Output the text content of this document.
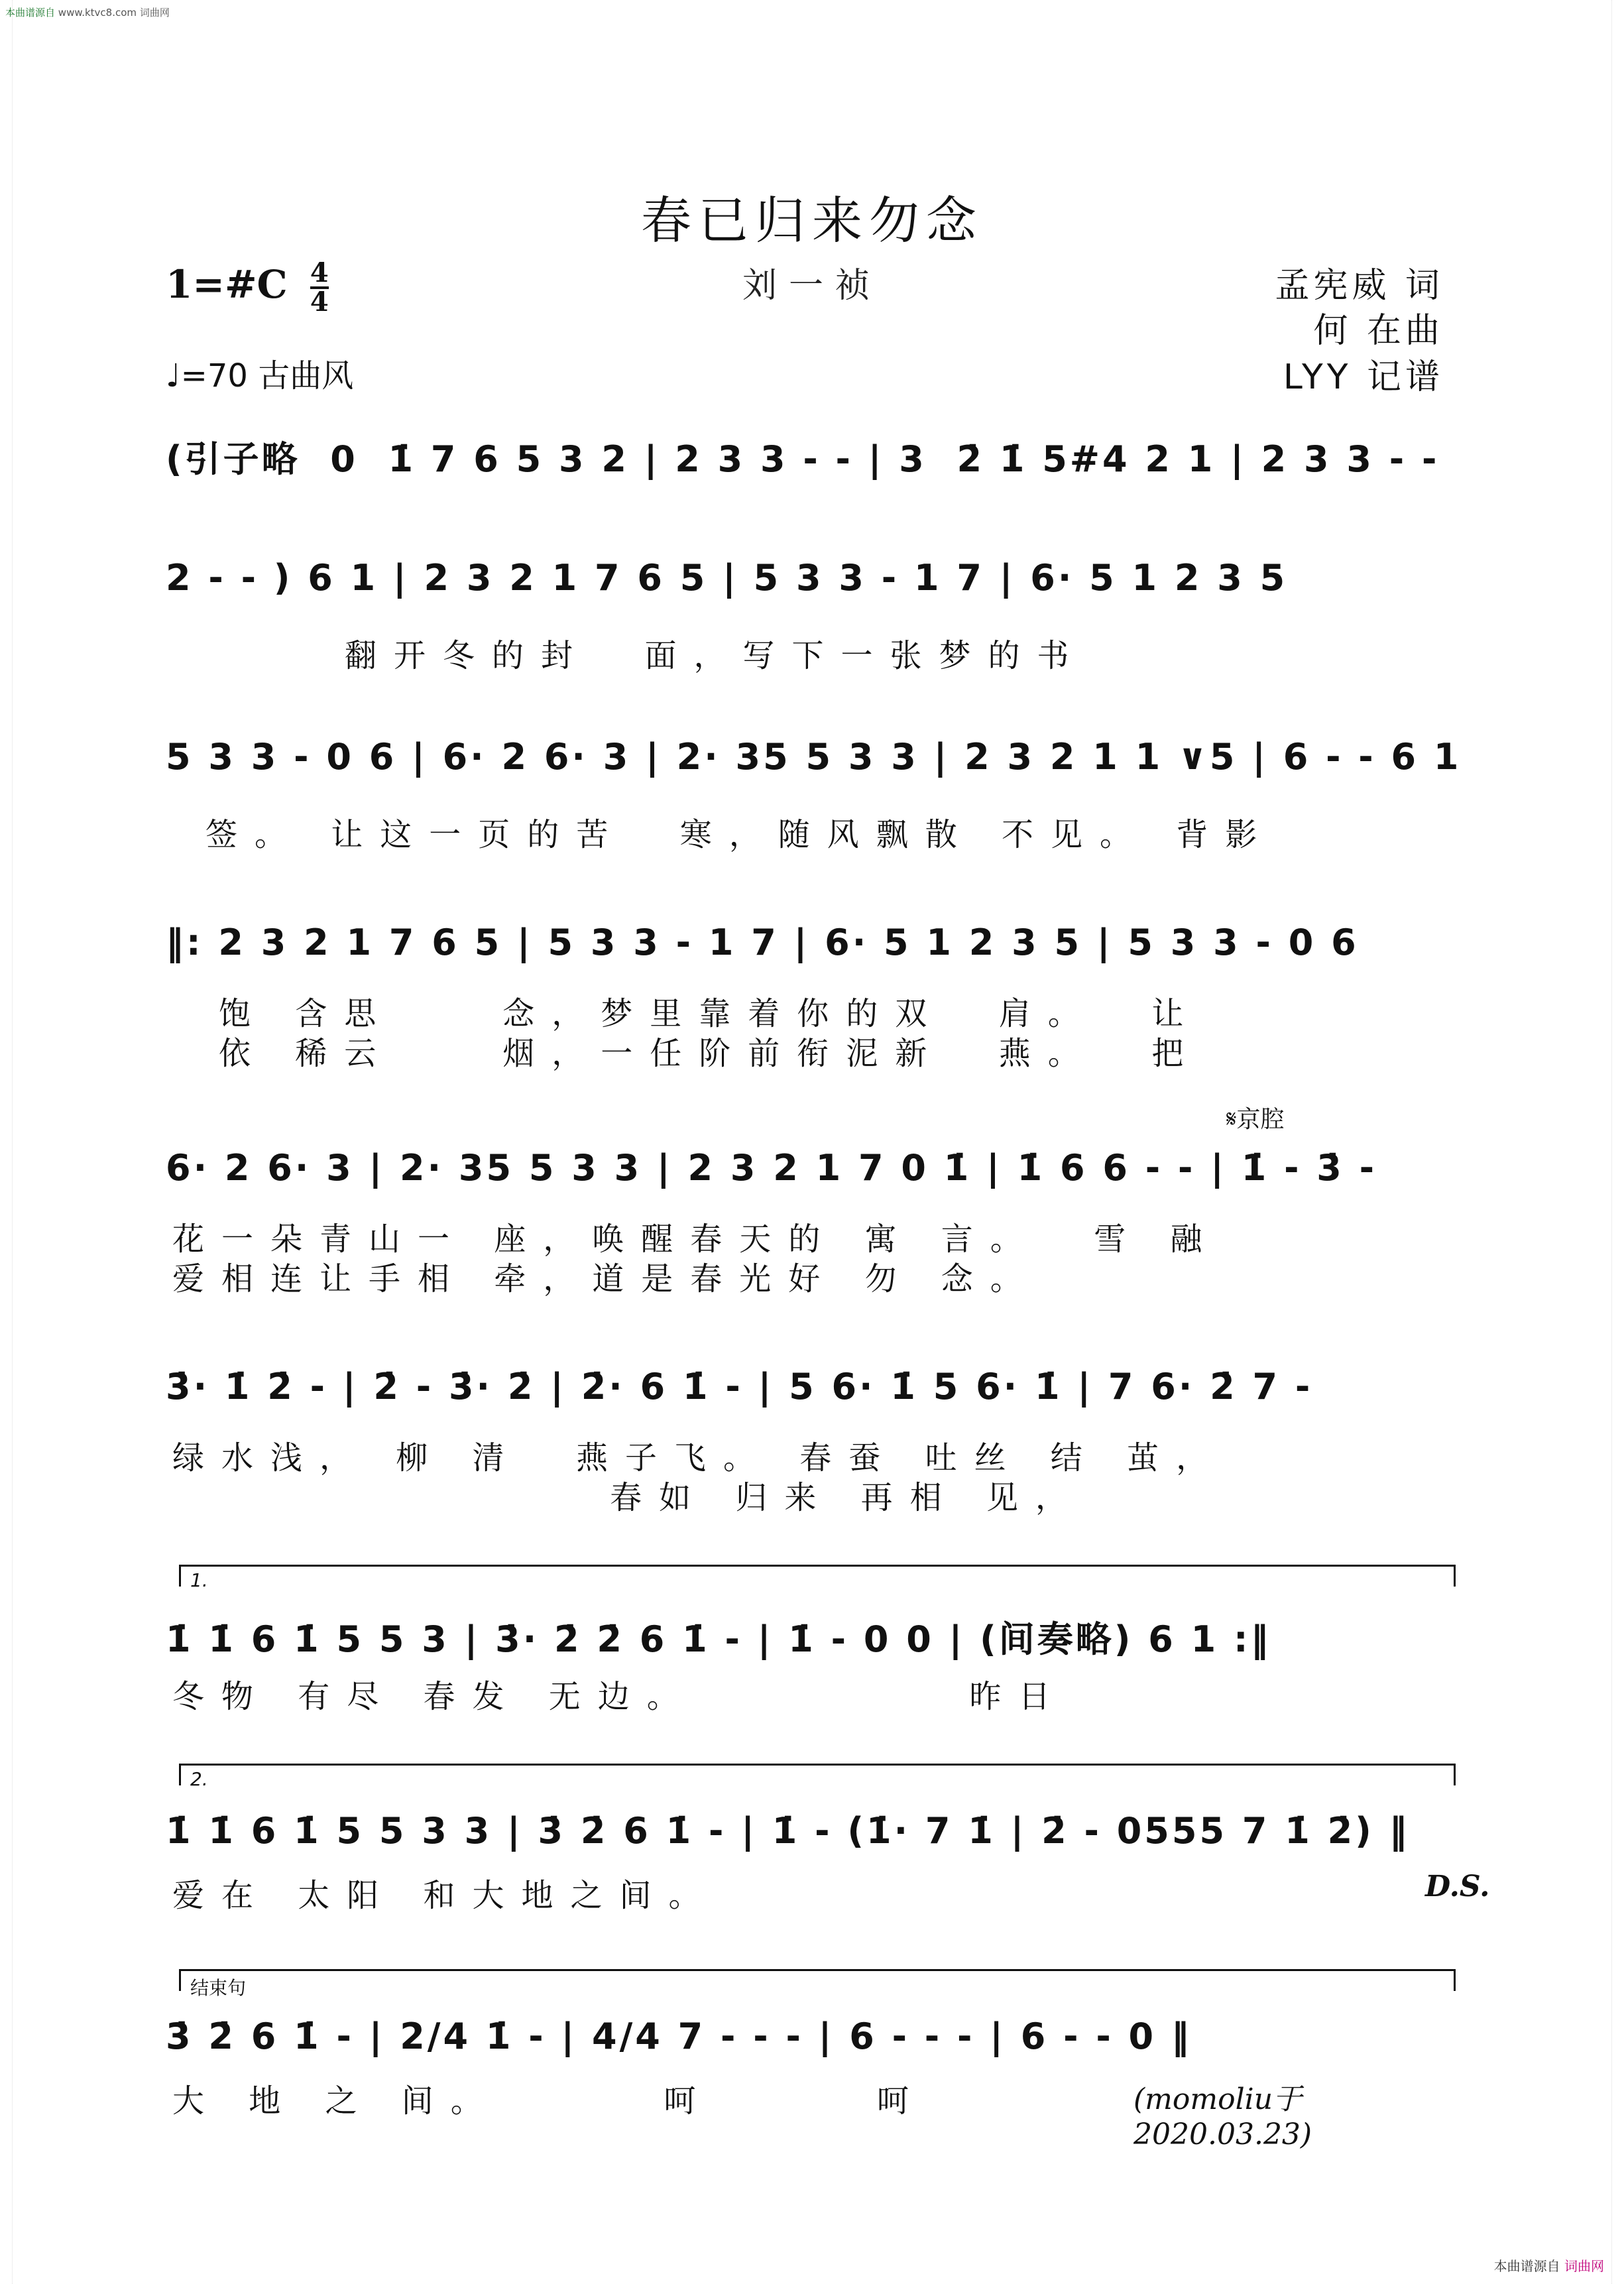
本曲谱源自 www.ktvc8.com 词曲网
春已归来勿念
刘一祯	孟宪威 词
何 在曲
LYY 记谱
1=#C $\frac{4}{4}$
♩=70 古曲风
(引子略  0  1̇ 7 6 5 3 2 | 2 3 3 - - | 3  2̇ 1̇ 5#4 2 1 | 2 3 3 - -
2 - - ) 6 1 | 2 3 2 1 7 6 5 | 5 3 3 - 1 7 | 6· 5 1 2 3 5
翻开冬的封  面，写下一张梦的书
5 3 3 - 0 6 | 6· 2 6· 3 | 2· 35 5 3 3 | 2 3 2 1 1 ∨5 | 6 - - 6 1
签。 让这一页的苦  寒，随风飘散 不见。 背影
‖: 2 3 2 1 7 6 5 | 5 3 3 - 1 7 | 6· 5 1 2 3 5 | 5 3 3 - 0 6
饱 含思    念，梦里靠着你的双  肩。  让
依 稀云    烟，一任阶前衔泥新  燕。  把
𝄋京腔
6· 2 6· 3 | 2· 35 5 3 3 | 2 3 2 1 7 0 1̇ | 1̇ 6 6 - - | 1̇ - 3̇ -
花一朵青山一 座，唤醒春天的 寓 言。  雪 融
爱相连让手相 牵，道是春光好 勿 念。
3̇· 1̇ 2̇ - | 2̇ - 3̇· 2̇ | 2̇· 6 1̇ - | 5 6· 1̇ 5 6· 1̇ | 7 6· 2̇ 7 -
绿水浅， 柳 清  燕子飞。 春蚕 吐丝 结 茧，
春如 归来 再相 见，
1.
1̇ 1̇ 6 1̇ 5 5 3 | 3̇· 2̇ 2̇ 6 1̇ - | 1̇ - 0 0 | (间奏略) 6 1 :‖
冬物 有尽 春发 无边。          昨日
2.
1̇ 1̇ 6 1̇ 5 5 3 3 | 3̇ 2̇ 6 1̇ - | 1̇ - (1̇· 7 1̇ | 2̇ - 0555 7 1̇ 2̇) ‖
爱在 太阳 和大地之间。	D.S.
结束句
3̇ 2̇ 6 1̇ - | 2/4 1̇ - | 4/4 7 - - - | 6 - - - | 6 - - 0 ‖
大 地 之 间。      呵      呵	(momoliu于2020.03.23)
本曲谱源自 词曲网
